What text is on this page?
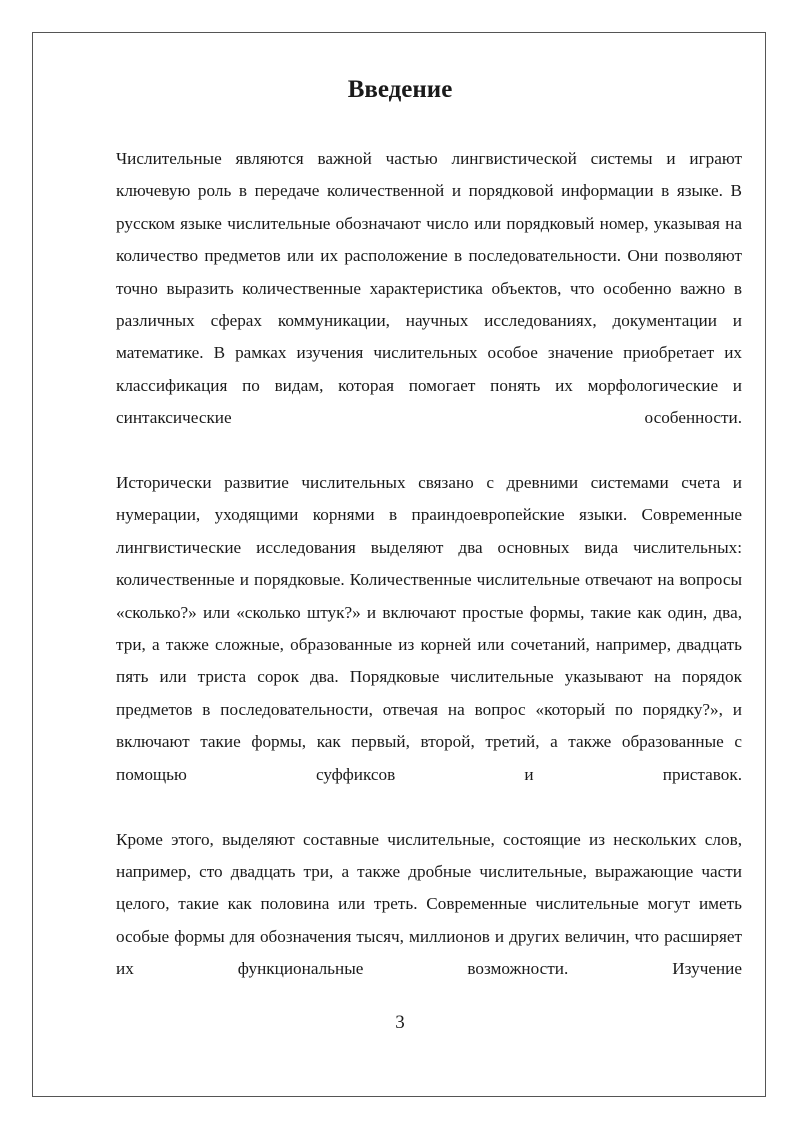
Введение

Числительные являются важной частью лингвистической системы и играют ключевую роль в передаче количественной и порядковой информации в языке. В русском языке числительные обозначают число или порядковый номер, указывая на количество предметов или их расположение в последовательности. Они позволяют точно выразить количественные характеристика объектов, что особенно важно в различных сферах коммуникации, научных исследованиях, документации и математике. В рамках изучения числительных особое значение приобретает их классификация по видам, которая помогает понять их морфологические и синтаксические особенности.

Исторически развитие числительных связано с древними системами счета и нумерации, уходящими корнями в праиндоевропейские языки. Современные лингвистические исследования выделяют два основных вида числительных: количественные и порядковые. Количественные числительные отвечают на вопросы «сколько?» или «сколько штук?» и включают простые формы, такие как один, два, три, а также сложные, образованные из корней или сочетаний, например, двадцать пять или триста сорок два. Порядковые числительные указывают на порядок предметов в последовательности, отвечая на вопрос «который по порядку?», и включают такие формы, как первый, второй, третий, а также образованные с помощью суффиксов и приставок.

Кроме этого, выделяют составные числительные, состоящие из нескольких слов, например, сто двадцать три, а также дробные числительные, выражающие части целого, такие как половина или треть. Современные числительные могут иметь особые формы для обозначения тысяч, миллионов и других величин, что расширяет их функциональные возможности. Изучение

3
